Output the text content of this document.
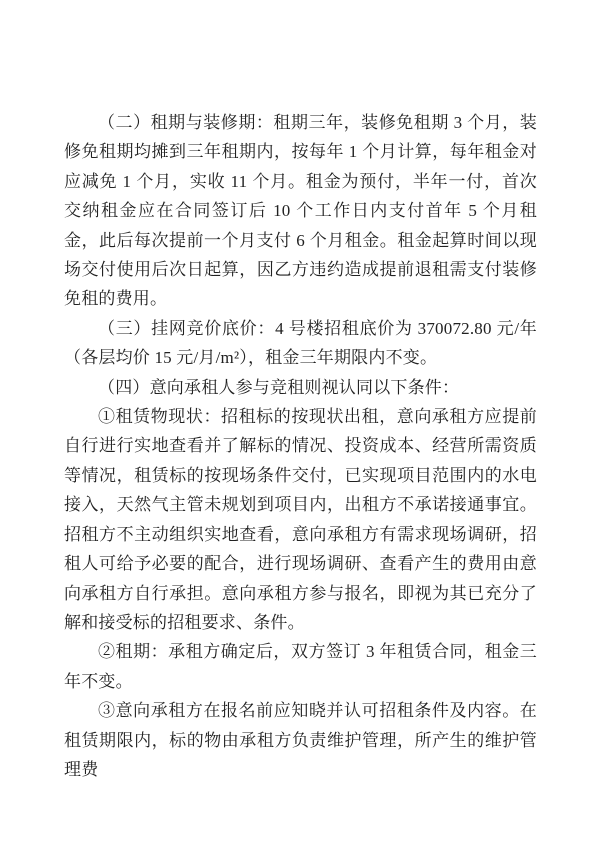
（二）租期与装修期：租期三年，装修免租期 3 个月，装修免租期均摊到三年租期内，按每年 1 个月计算，每年租金对应减免 1 个月，实收 11 个月。租金为预付，半年一付，首次交纳租金应在合同签订后 10 个工作日内支付首年 5 个月租金，此后每次提前一个月支付 6 个月租金。租金起算时间以现场交付使用后次日起算，因乙方违约造成提前退租需支付装修免租的费用。

（三）挂网竞价底价：4 号楼招租底价为 370072.80 元/年（各层均价 15 元/月/m²），租金三年期限内不变。

（四）意向承租人参与竞租则视认同以下条件：

①租赁物现状：招租标的按现状出租，意向承租方应提前自行进行实地查看并了解标的情况、投资成本、经营所需资质等情况，租赁标的按现场条件交付，已实现项目范围内的水电接入，天然气主管未规划到项目内，出租方不承诺接通事宜。招租方不主动组织实地查看，意向承租方有需求现场调研，招租人可给予必要的配合，进行现场调研、查看产生的费用由意向承租方自行承担。意向承租方参与报名，即视为其已充分了解和接受标的招租要求、条件。

②租期：承租方确定后，双方签订 3 年租赁合同，租金三年不变。

③意向承租方在报名前应知晓并认可招租条件及内容。在租赁期限内，标的物由承租方负责维护管理，所产生的维护管理费
